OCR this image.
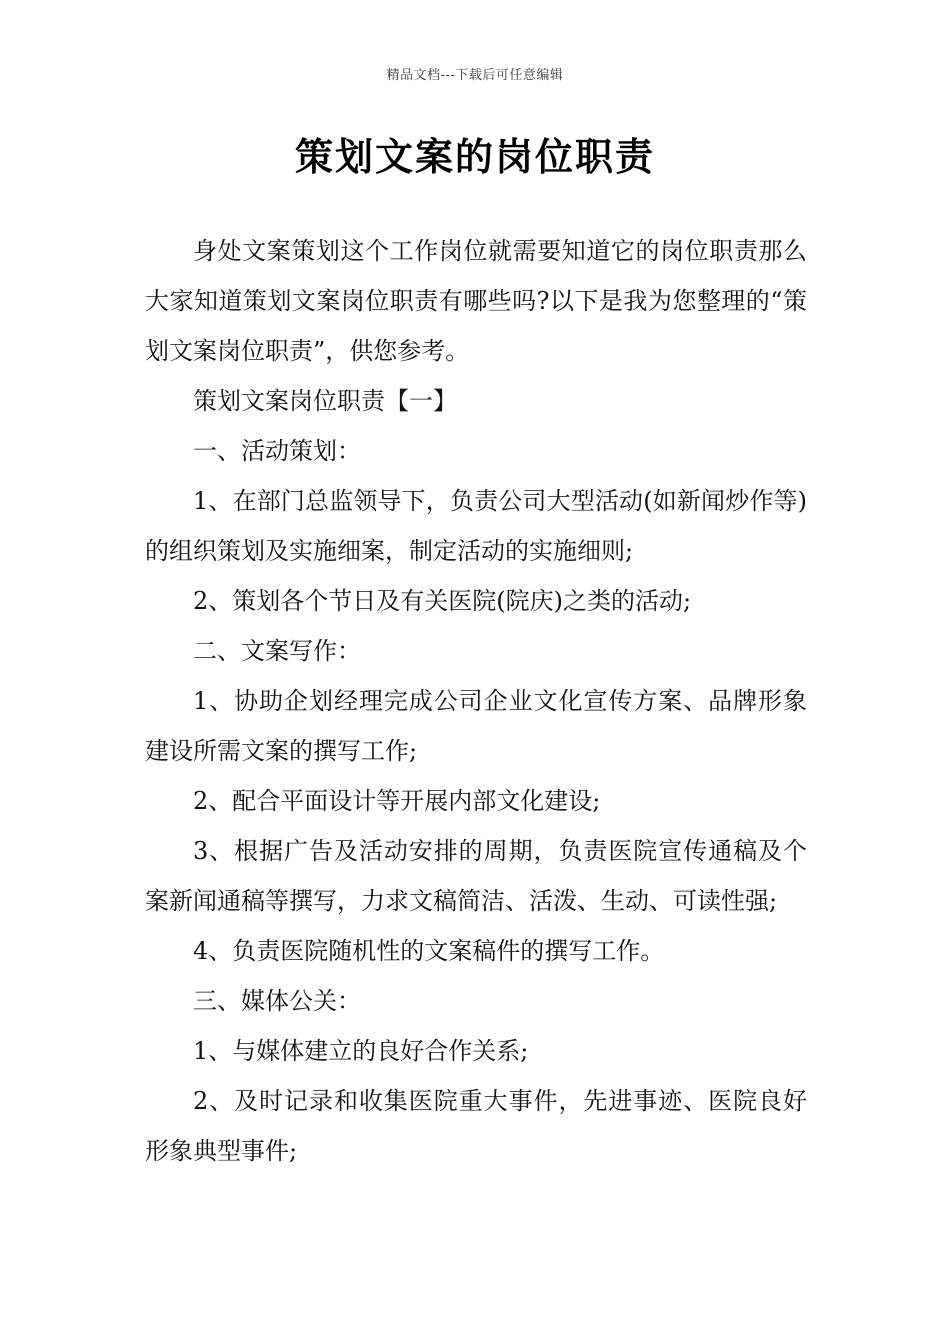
精品文档---下载后可任意编辑
策划文案的岗位职责

身处文案策划这个工作岗位就需要知道它的岗位职责那么大家知道策划文案岗位职责有哪些吗?以下是我为您整理的“策划文案岗位职责”，供您参考。

策划文案岗位职责【一】

一、活动策划：

1、在部门总监领导下，负责公司大型活动(如新闻炒作等)的组织策划及实施细案，制定活动的实施细则;

2、策划各个节日及有关医院(院庆)之类的活动;

二、文案写作：

1、协助企划经理完成公司企业文化宣传方案、品牌形象建设所需文案的撰写工作;

2、配合平面设计等开展内部文化建设;

3、根据广告及活动安排的周期，负责医院宣传通稿及个案新闻通稿等撰写，力求文稿简洁、活泼、生动、可读性强;

4、负责医院随机性的文案稿件的撰写工作。

三、媒体公关：

1、与媒体建立的良好合作关系;

2、及时记录和收集医院重大事件，先进事迹、医院良好形象典型事件;
